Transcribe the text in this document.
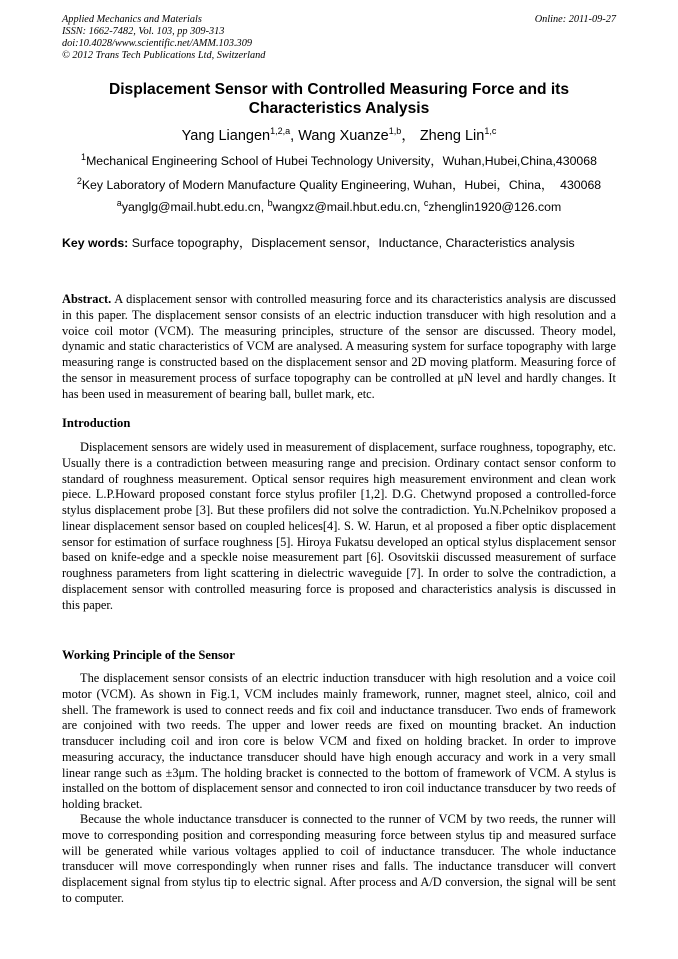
Applied Mechanics and Materials
ISSN: 1662-7482, Vol. 103, pp 309-313
doi:10.4028/www.scientific.net/AMM.103.309
© 2012 Trans Tech Publications Ltd, Switzerland
Online: 2011-09-27
Displacement Sensor with Controlled Measuring Force and its Characteristics Analysis
Yang Liangen$^{1,2,a}$, Wang Xuanze$^{1,b}$， Zheng Lin$^{1,c}$
$^1$Mechanical Engineering School of Hubei Technology University，Wuhan,Hubei,China,430068
$^2$Key Laboratory of Modern Manufacture Quality Engineering, Wuhan，Hubei，China，  430068
$^a$yanglg@mail.hubt.edu.cn, $^b$wangxz@mail.hbut.edu.cn, $^c$zhenglin1920@126.com
Key words: Surface topography，Displacement sensor，Inductance, Characteristics analysis
Abstract. A displacement sensor with controlled measuring force and its characteristics analysis are discussed in this paper. The displacement sensor consists of an electric induction transducer with high resolution and a voice coil motor (VCM). The measuring principles, structure of the sensor are discussed. Theory model, dynamic and static characteristics of VCM are analysed. A measuring system for surface topography with large measuring range is constructed based on the displacement sensor and 2D moving platform. Measuring force of the sensor in measurement process of surface topography can be controlled at μN level and hardly changes. It has been used in measurement of bearing ball, bullet mark, etc.
Introduction
Displacement sensors are widely used in measurement of displacement, surface roughness, topography, etc. Usually there is a contradiction between measuring range and precision. Ordinary contact sensor conform to standard of roughness measurement. Optical sensor requires high measurement environment and clean work piece. L.P.Howard proposed constant force stylus profiler [1,2]. D.G. Chetwynd proposed a controlled-force stylus displacement probe [3]. But these profilers did not solve the contradiction. Yu.N.Pchelnikov proposed a linear displacement sensor based on coupled helices[4]. S. W. Harun, et al proposed a fiber optic displacement sensor for estimation of surface roughness [5]. Hiroya Fukatsu developed an optical stylus displacement sensor based on knife-edge and a speckle noise measurement part [6]. Osovitskii discussed measurement of surface roughness parameters from light scattering in dielectric waveguide [7]. In order to solve the contradiction, a displacement sensor with controlled measuring force is proposed and characteristics analysis is discussed in this paper.
Working Principle of the Sensor
The displacement sensor consists of an electric induction transducer with high resolution and a voice coil motor (VCM). As shown in Fig.1, VCM includes mainly framework, runner, magnet steel, alnico, coil and shell. The framework is used to connect reeds and fix coil and inductance transducer. Two ends of framework are conjoined with two reeds. The upper and lower reeds are fixed on mounting bracket. An induction transducer including coil and iron core is below VCM and fixed on holding bracket. In order to improve measuring accuracy, the inductance transducer should have high enough accuracy and work in a very small linear range such as ±3μm. The holding bracket is connected to the bottom of framework of VCM. A stylus is installed on the bottom of displacement sensor and connected to iron coil inductance transducer by two reeds of holding bracket.
Because the whole inductance transducer is connected to the runner of VCM by two reeds, the runner will move to corresponding position and corresponding measuring force between stylus tip and measured surface will be generated while various voltages applied to coil of inductance transducer. The whole inductance transducer will move correspondingly when runner rises and falls. The inductance transducer will convert displacement signal from stylus tip to electric signal. After process and A/D conversion, the signal will be sent to computer.
